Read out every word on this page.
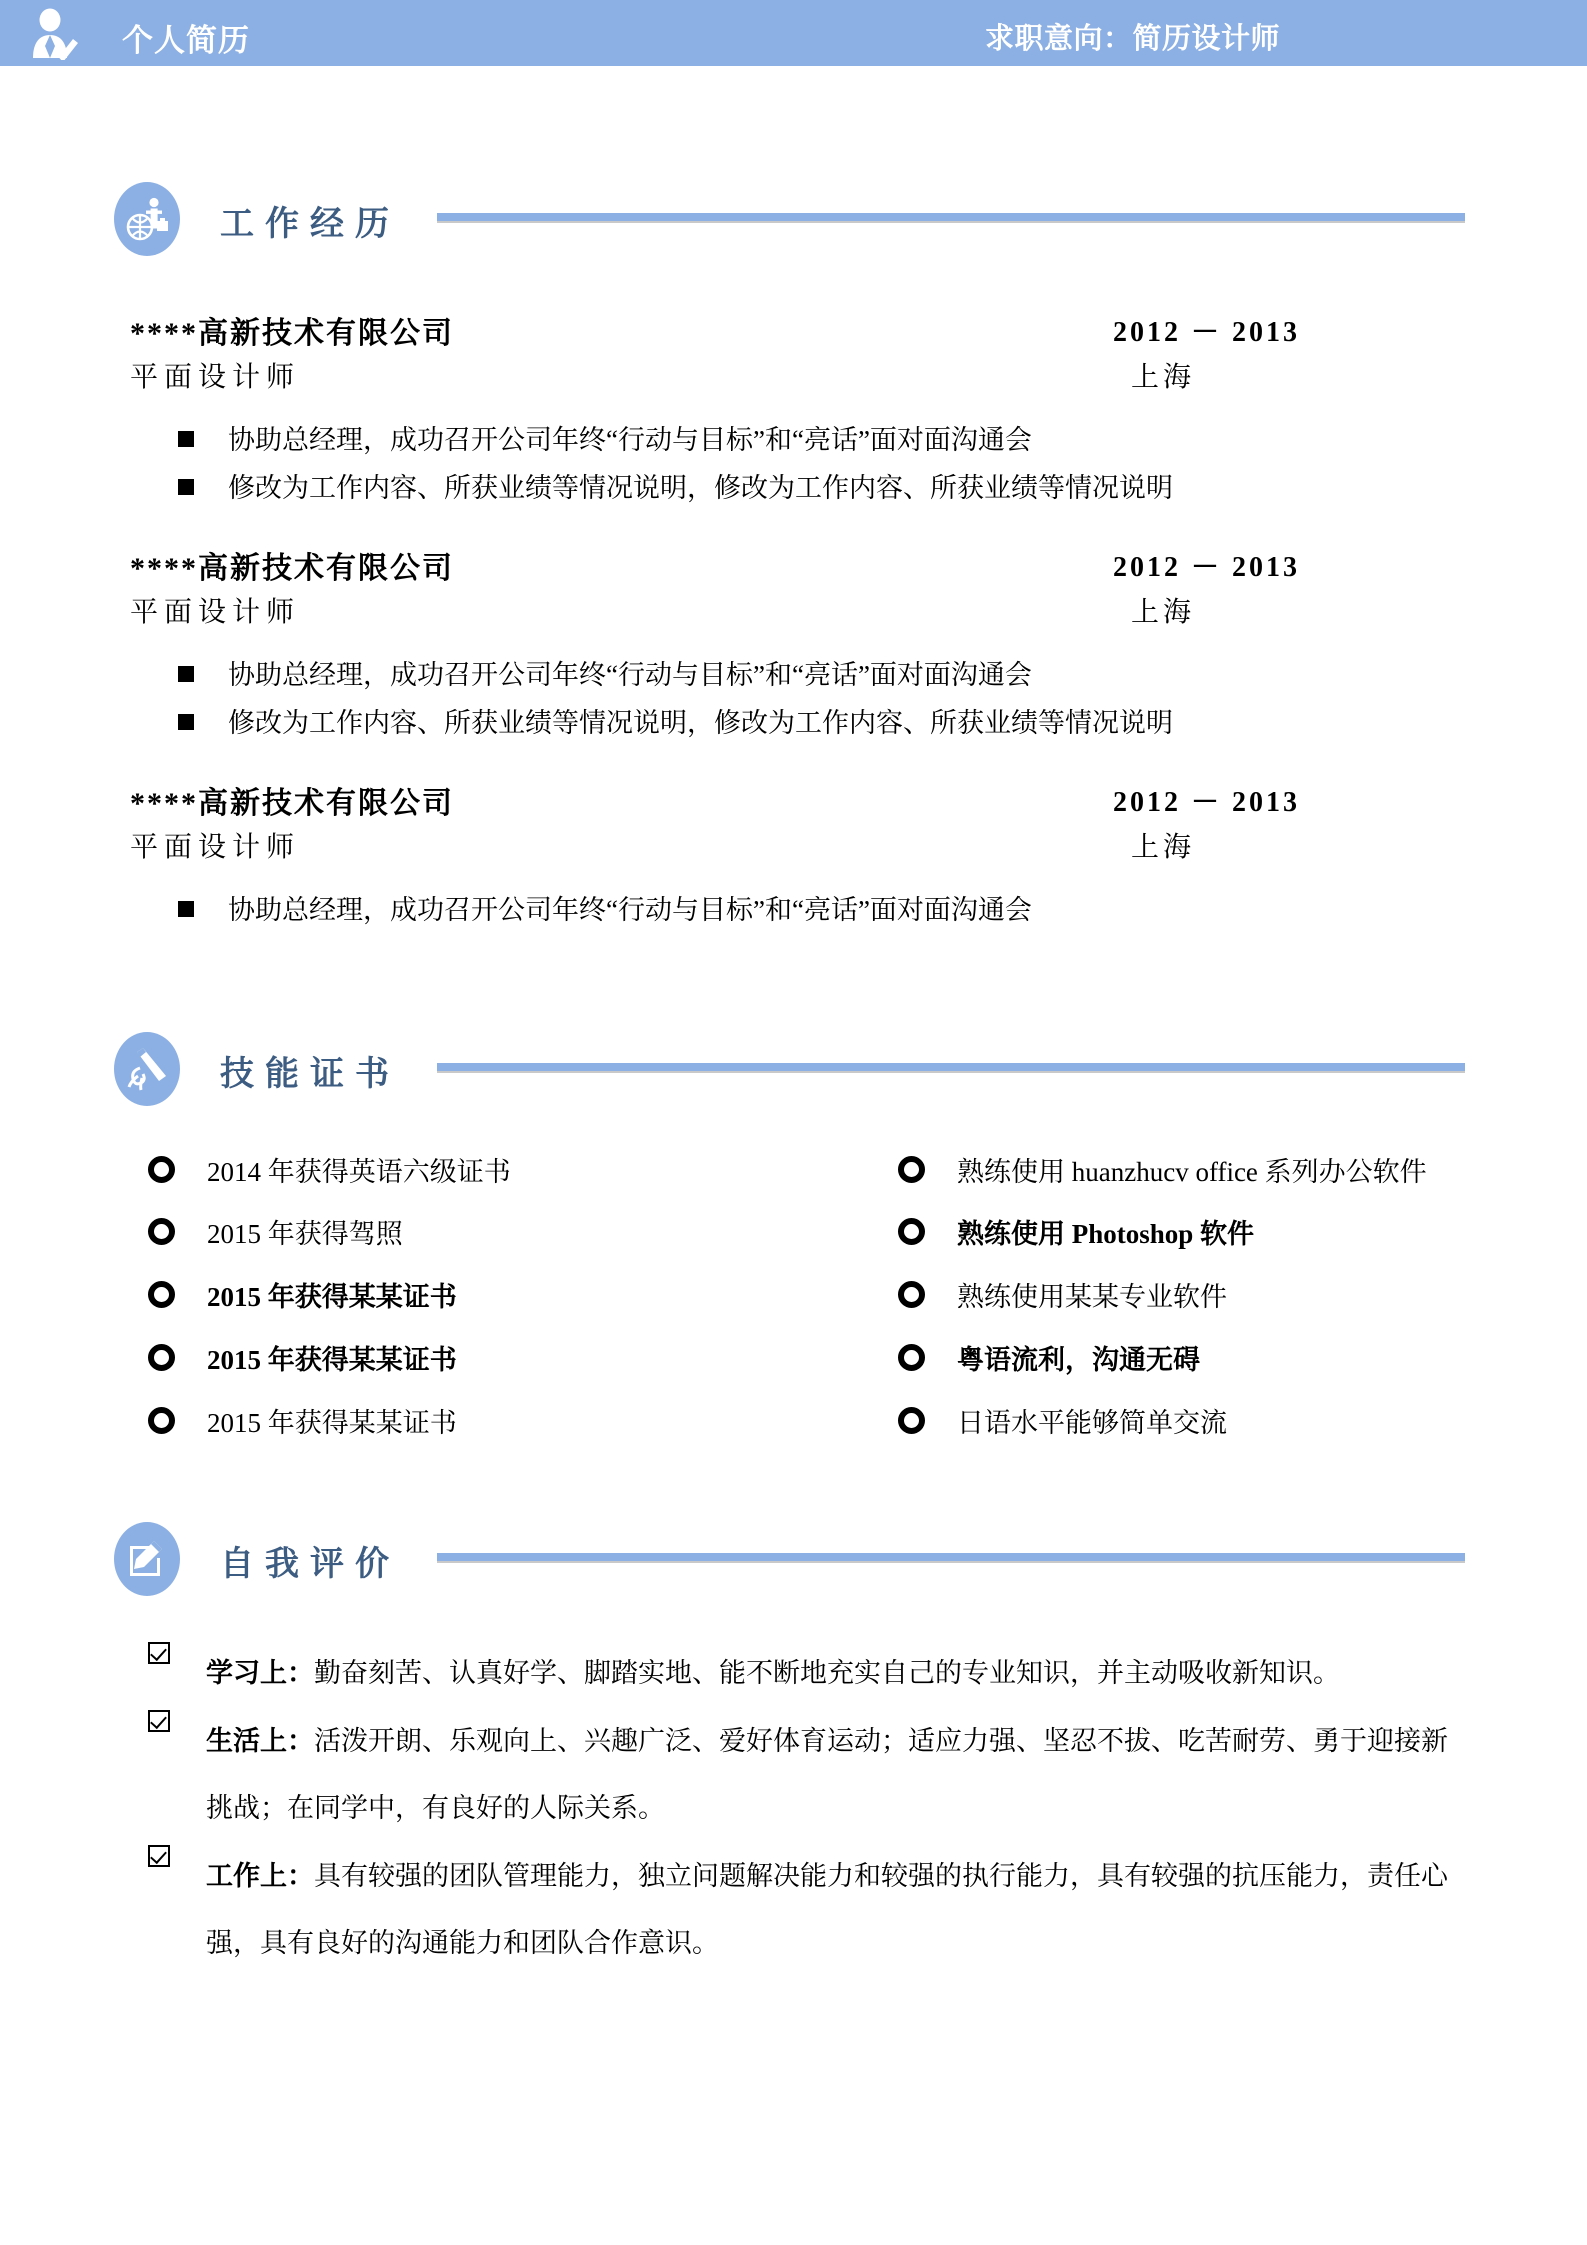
个人简历	求职意向：简历设计师
工作经历
****高新技术有限公司	2012 － 2013
平面设计师	上海
协助总经理，成功召开公司年终“行动与目标”和“亮话”面对面沟通会
修改为工作内容、所获业绩等情况说明，修改为工作内容、所获业绩等情况说明
****高新技术有限公司	2012 － 2013
平面设计师	上海
协助总经理，成功召开公司年终“行动与目标”和“亮话”面对面沟通会
修改为工作内容、所获业绩等情况说明，修改为工作内容、所获业绩等情况说明
****高新技术有限公司	2012 － 2013
平面设计师	上海
协助总经理，成功召开公司年终“行动与目标”和“亮话”面对面沟通会
技能证书
2014 年获得英语六级证书
2015 年获得驾照
2015 年获得某某证书
2015 年获得某某证书
2015 年获得某某证书
熟练使用 huanzhucv office 系列办公软件
熟练使用 Photoshop 软件
熟练使用某某专业软件
粤语流利，沟通无碍
日语水平能够简单交流
自我评价
学习上：勤奋刻苦、认真好学、脚踏实地、能不断地充实自己的专业知识，并主动吸收新知识。
生活上：活泼开朗、乐观向上、兴趣广泛、爱好体育运动；适应力强、坚忍不拔、吃苦耐劳、勇于迎接新挑战；在同学中，有良好的人际关系。
工作上：具有较强的团队管理能力，独立问题解决能力和较强的执行能力，具有较强的抗压能力，责任心强，具有良好的沟通能力和团队合作意识。
